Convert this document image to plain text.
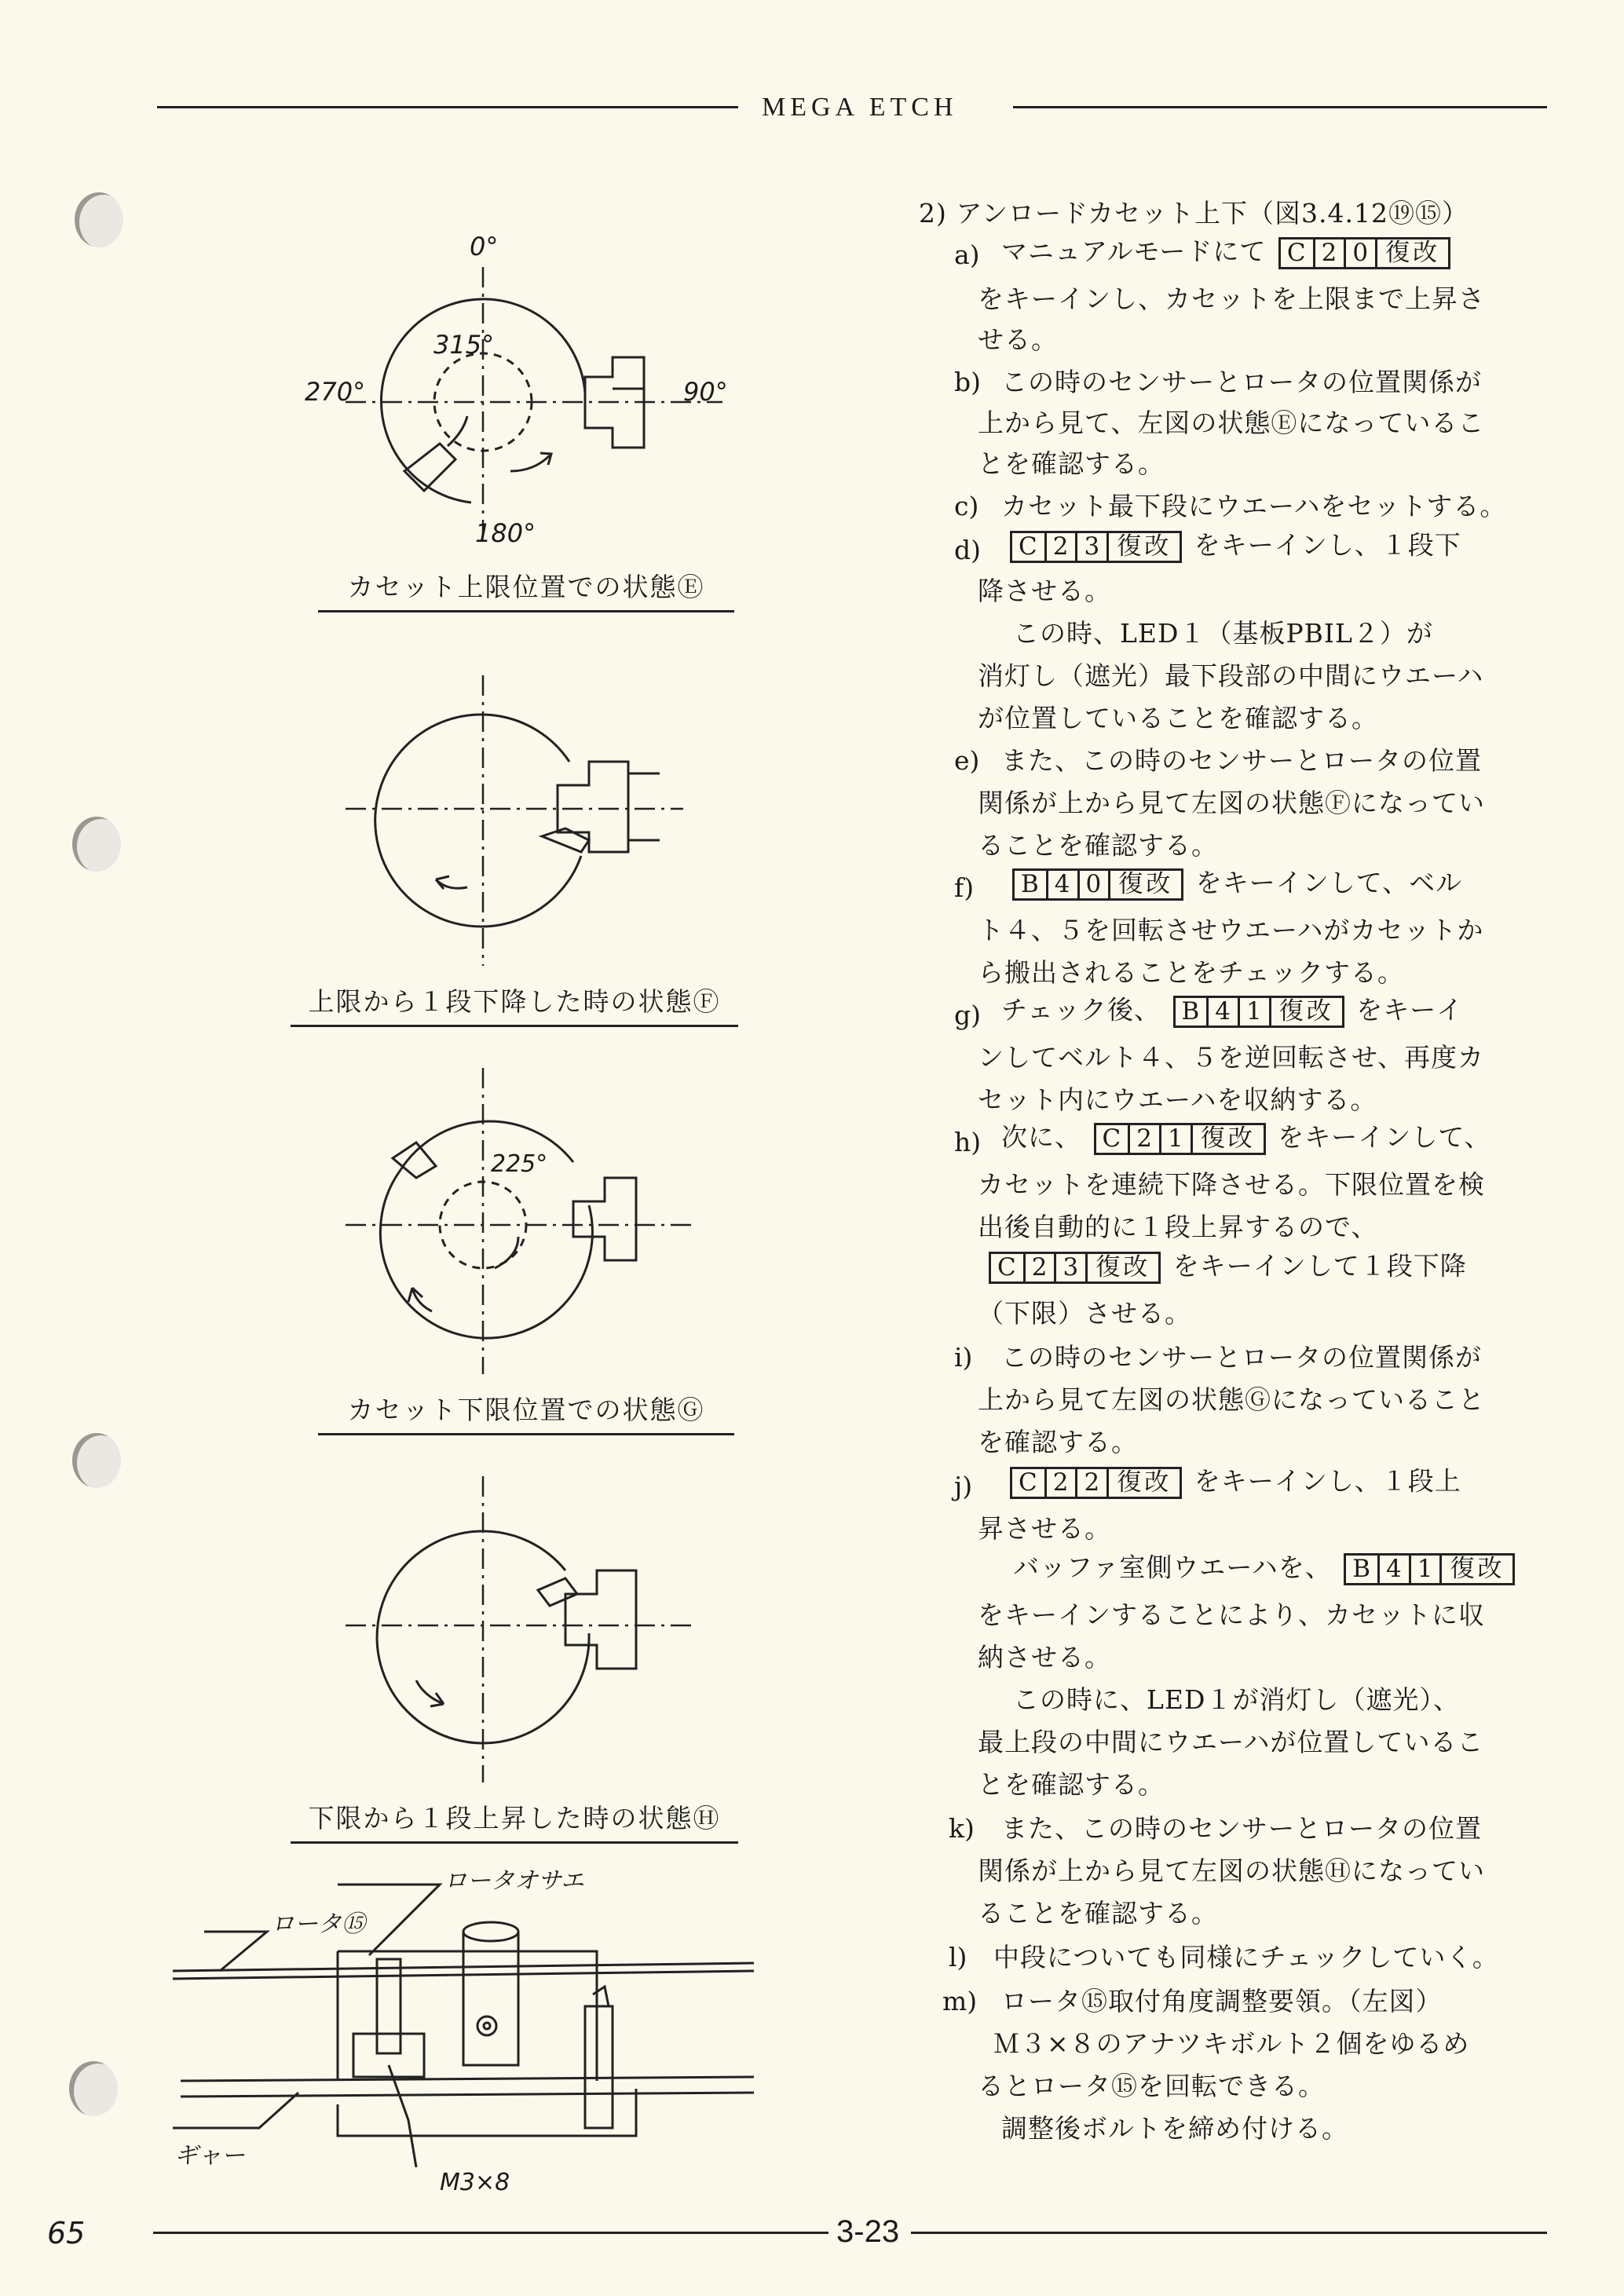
MEGA ETCH
0°
315°
270°	90°
180°
カセット上限位置での状態Ⓔ
上限から１段下降した時の状態Ⓕ
225°
カセット下限位置での状態Ⓖ
下限から１段上昇した時の状態Ⓗ
ロータオサエ
ロータ⑮
ギャー
M3×8
2) アンロードカセット上下（図3.4.12⑲⑮）
a) マニュアルモードにて C 2 0 復改
をキーインし、カセットを上限まで上昇さ
せる。
b) この時のセンサーとロータの位置関係が
上から見て、左図の状態Ⓔになっているこ
とを確認する。
c) カセット最下段にウエーハをセットする。
d) C 2 3 復改 をキーインし、１段下
降させる。
この時、LED１（基板PBIL２）が
消灯し（遮光）最下段部の中間にウエーハ
が位置していることを確認する。
e) また、この時のセンサーとロータの位置
関係が上から見て左図の状態Ⓕになってい
ることを確認する。
f) B 4 0 復改 をキーインして、ベル
ト４、５を回転させウエーハがカセットか
ら搬出されることをチェックする。
g) チェック後、 B 4 1 復改 をキーイ
ンしてベルト４、５を逆回転させ、再度カ
セット内にウエーハを収納する。
h) 次に、 C 2 1 復改 をキーインして、
カセットを連続下降させる。下限位置を検
出後自動的に１段上昇するので、
C 2 3 復改 をキーインして１段下降
（下限）させる。
i) この時のセンサーとロータの位置関係が
上から見て左図の状態Ⓖになっていること
を確認する。
j) C 2 2 復改 をキーインし、１段上
昇させる。
バッファ室側ウエーハを、 B 4 1 復改
をキーインすることにより、カセットに収
納させる。
この時に、LED１が消灯し（遮光）、
最上段の中間にウエーハが位置しているこ
とを確認する。
k) また、この時のセンサーとロータの位置
関係が上から見て左図の状態Ⓗになってい
ることを確認する。
l) 中段についても同様にチェックしていく。
m) ロータ⑮取付角度調整要領。（左図）
Ｍ３×８のアナツキボルト２個をゆるめ
るとロータ⑮を回転できる。
調整後ボルトを締め付ける。
65	3-23
